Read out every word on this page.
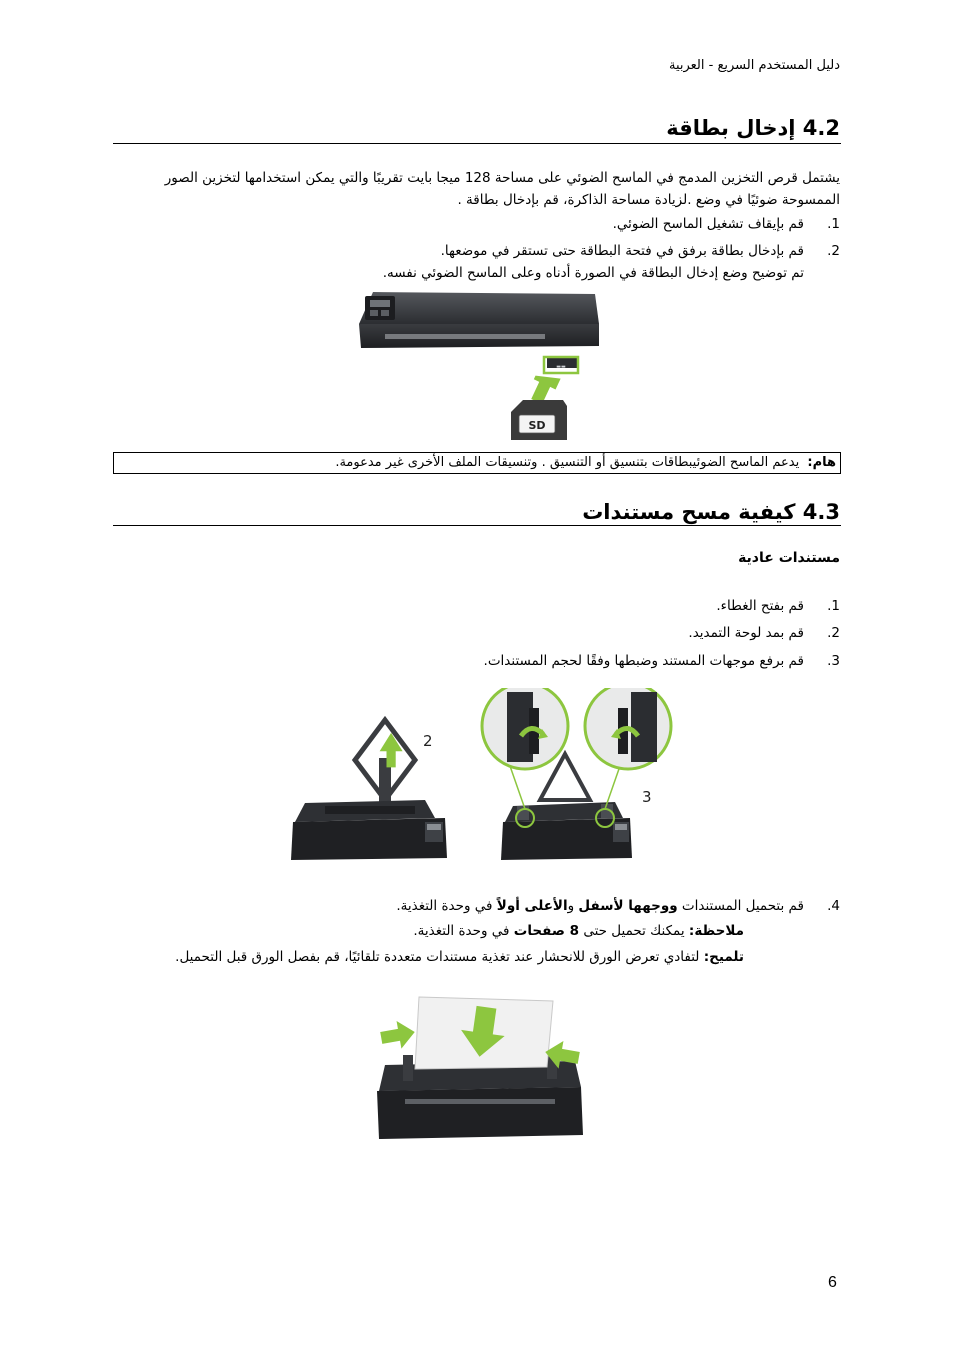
دليل المستخدم السريع - العربية
4.2 إدخال بطاقة
يشتمل قرص التخزين المدمج في الماسح الضوئي على مساحة 128 ميجا بايت تقريبًا والتي يمكن استخدامها لتخزين الصور
الممسوحة ضوئيًا في وضع .لزيادة مساحة الذاكرة، قم بإدخال بطاقة .
1.قم بإيقاف تشغيل الماسح الضوئي.
2.قم بإدخال بطاقة برفق في فتحة البطاقة حتى تستقر في موضعها.
تم توضيح وضع إدخال البطاقة في الصورة أدناه وعلى الماسح الضوئي نفسه.
▬▬
SD
هام: يدعم الماسح الضوئيبطاقات بتنسيق أو التنسيق . وتنسيقات الملف الأخرى غير مدعومة.
4.3 كيفية مسح مستندات
مستندات عادية
1.قم بفتح الغطاء.
2.قم بمد لوحة التمديد.
3.قم برفع موجهات المستند وضبطها وفقًا لحجم المستندات.
2
3
4.قم بتحميل المستندات ووجهها لأسفل والأعلى أولاً في وحدة التغذية.
ملاحظة: يمكنك تحميل حتى 8 صفحات في وحدة التغذية.
تلميح: لتفادي تعرض الورق للانحشار عند تغذية مستندات متعددة تلقائيًا، قم بفصل الورق قبل التحميل.
6
